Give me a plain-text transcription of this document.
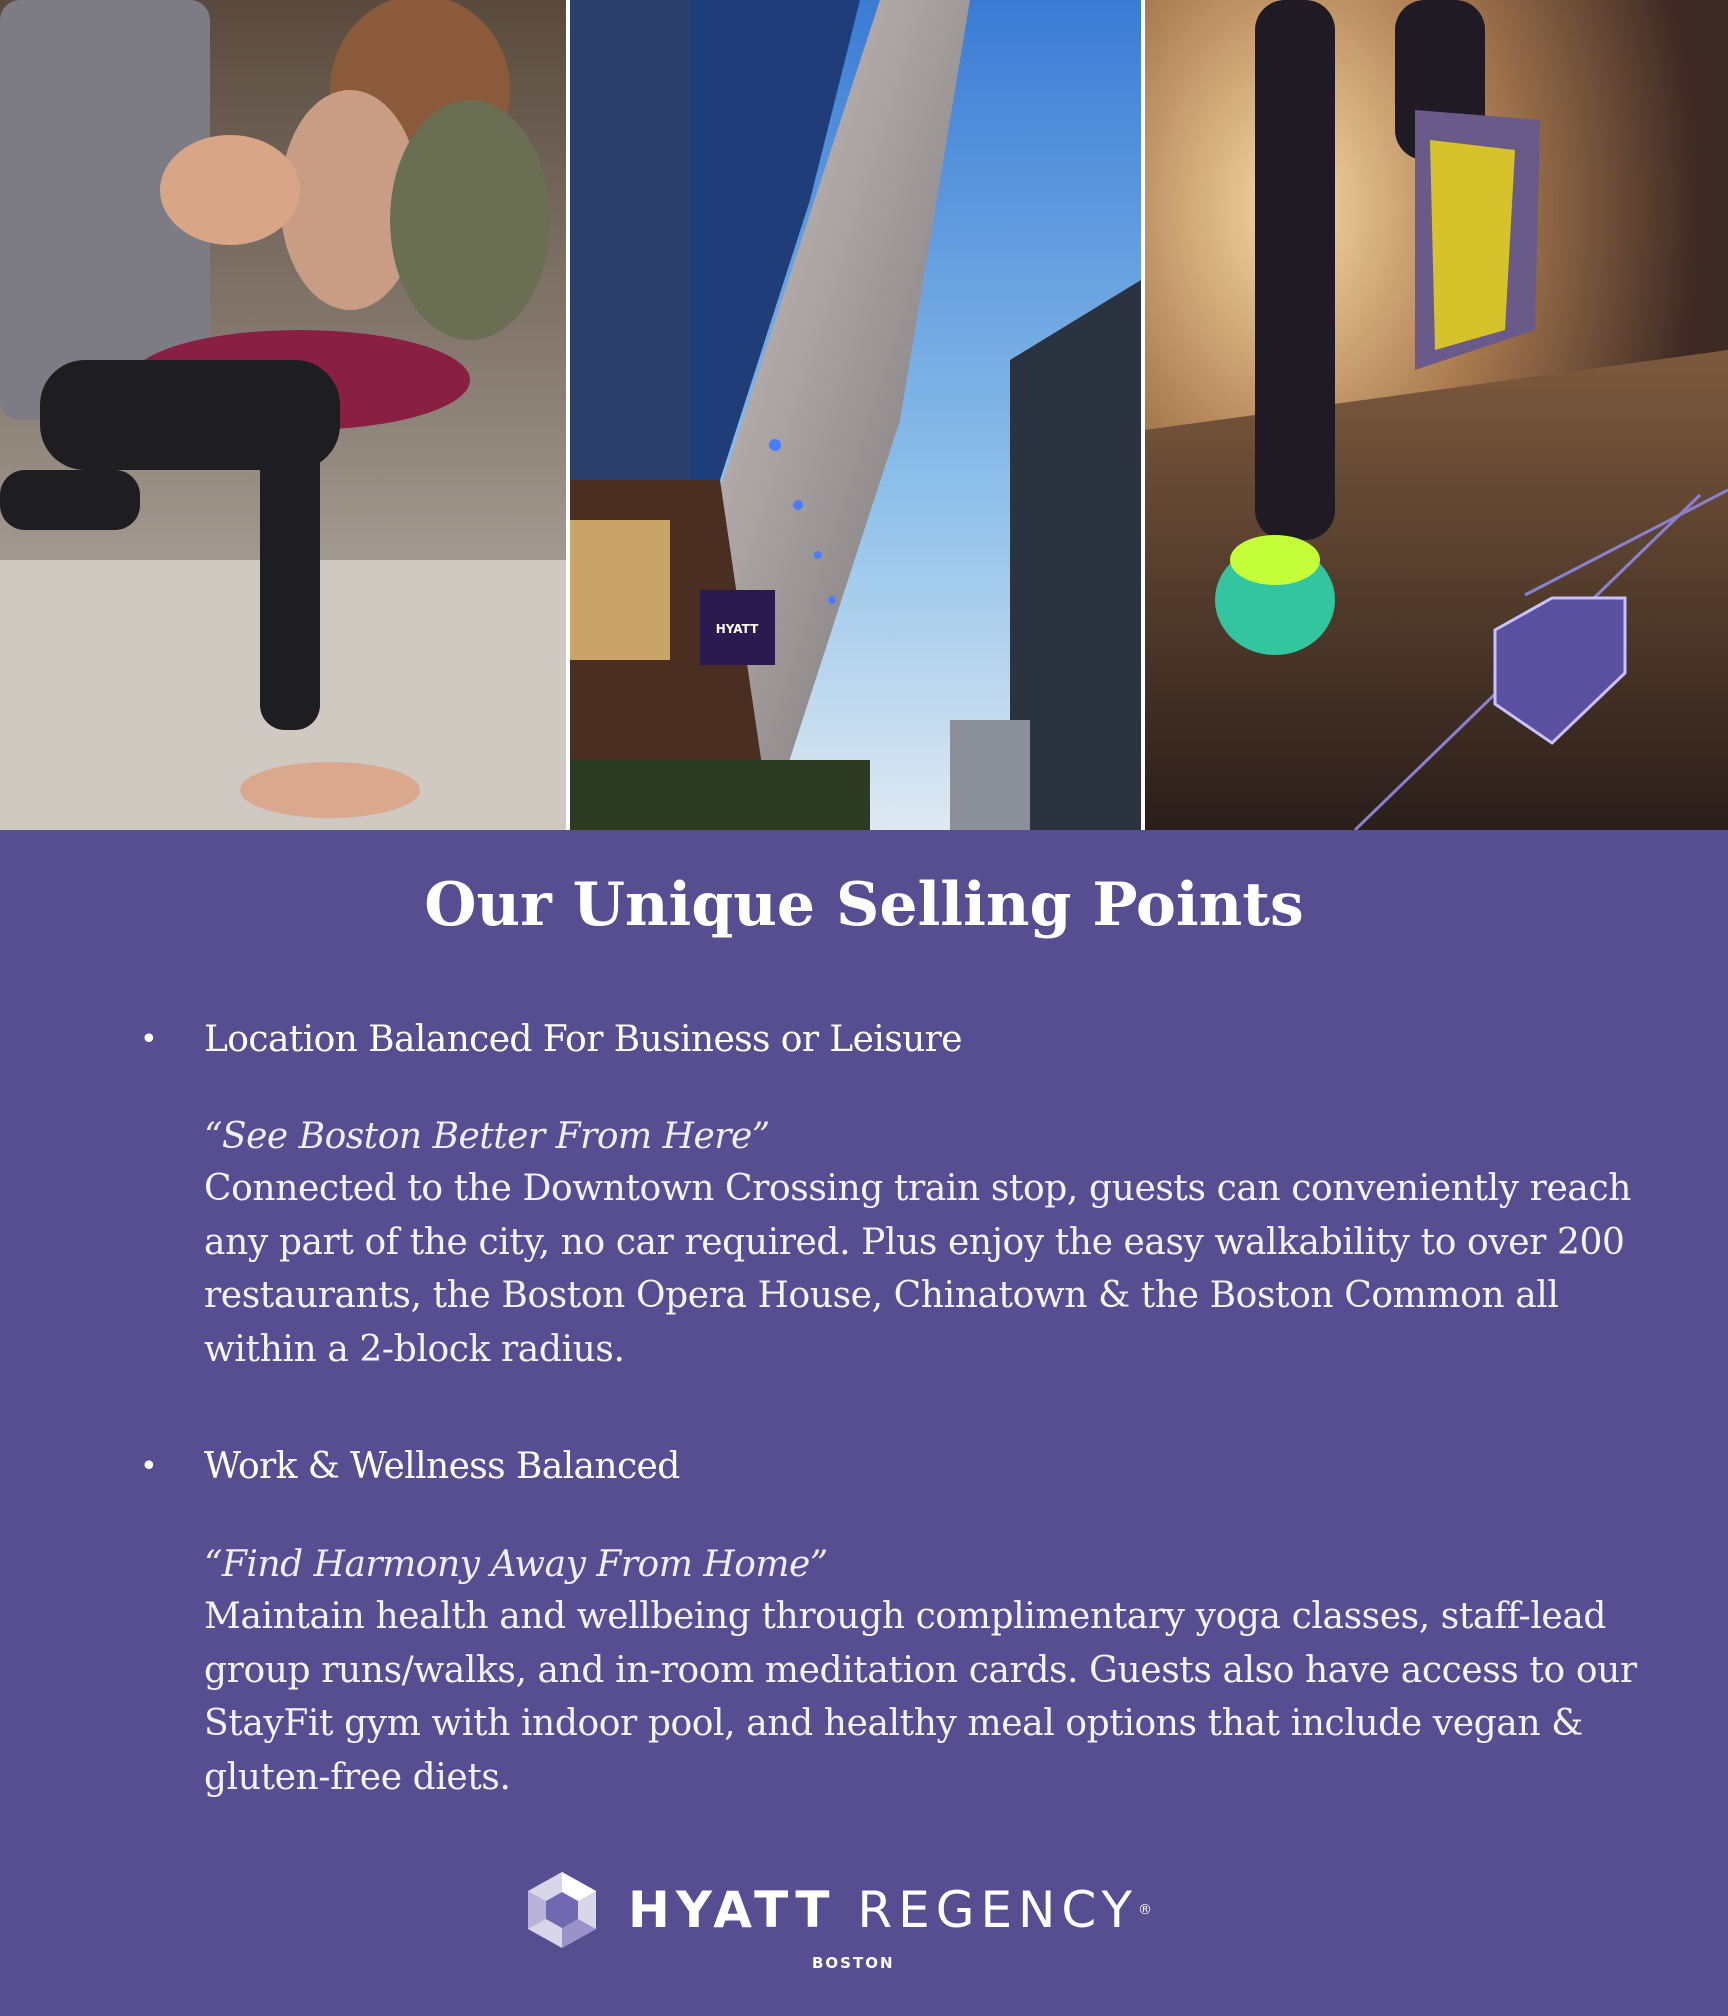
HYATT
Our Unique Selling Points
• Location Balanced For Business or Leisure
“See Boston Better From Here”
Connected to the Downtown Crossing train stop, guests can conveniently reach any part of the city, no car required. Plus enjoy the easy walkability to over 200 restaurants, the Boston Opera House, Chinatown & the Boston Common all within a 2-block radius.
• Work & Wellness Balanced
“Find Harmony Away From Home”
Maintain health and wellbeing through complimentary yoga classes, staff-lead group runs/walks, and in-room meditation cards. Guests also have access to our StayFit gym with indoor pool, and healthy meal options that include vegan & gluten-free diets.
HYATT REGENCY®
BOSTON
